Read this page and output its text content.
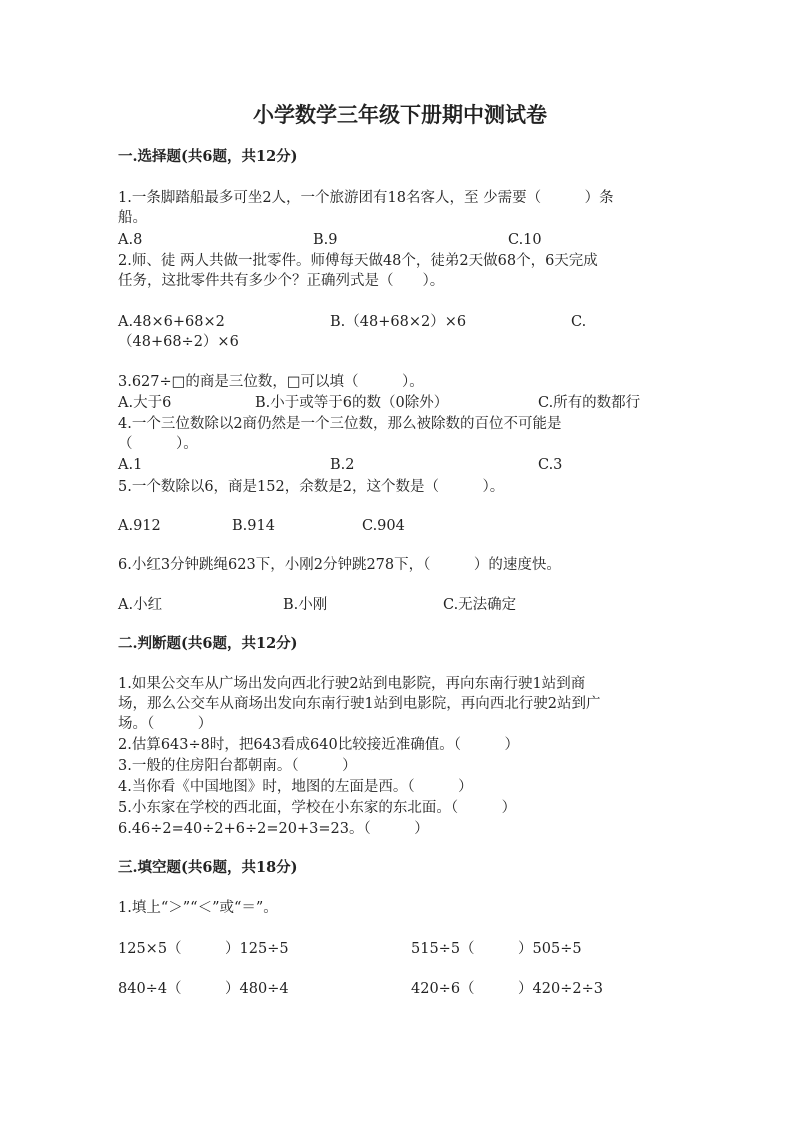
小学数学三年级下册期中测试卷
一.选择题(共6题，共12分)
1.一条脚踏船最多可坐2人，一个旅游团有18名客人，至 少需要（　　　）条
船。
A.8	B.9	C.10
2.师、徒 两人共做一批零件。师傅每天做48个，徒弟2天做68个，6天完成
任务，这批零件共有多少个？正确列式是（　　）。
A.48×6+68×2	B.（48+68×2）×6	C.
（48+68÷2）×6
3.627÷□的商是三位数，□可以填（　　　）。
A.大于6	B.小于或等于6的数（0除外）	C.所有的数都行
4.一个三位数除以2商仍然是一个三位数，那么被除数的百位不可能是
（　　　）。
A.1	B.2	C.3
5.一个数除以6，商是152，余数是2，这个数是（　　　）。
A.912	B.914	C.904
6.小红3分钟跳绳623下，小刚2分钟跳278下，（　　　）的速度快。
A.小红	B.小刚	C.无法确定
二.判断题(共6题，共12分)
1.如果公交车从广场出发向西北行驶2站到电影院，再向东南行驶1站到商
场，那么公交车从商场出发向东南行驶1站到电影院，再向西北行驶2站到广
场。（　　　）
2.估算643÷8时，把643看成640比较接近准确值。（　　　）
3.一般的住房阳台都朝南。（　　　）
4.当你看《中国地图》时，地图的左面是西。（　　　）
5.小东家在学校的西北面，学校在小东家的东北面。（　　　）
6.46÷2=40÷2+6÷2=20+3=23。（　　　）
三.填空题(共6题，共18分)
1.填上“＞”“＜”或“＝”。
125×5（　　　）125÷5	515÷5（　　　）505÷5
840÷4（　　　）480÷4	420÷6（　　　）420÷2÷3
